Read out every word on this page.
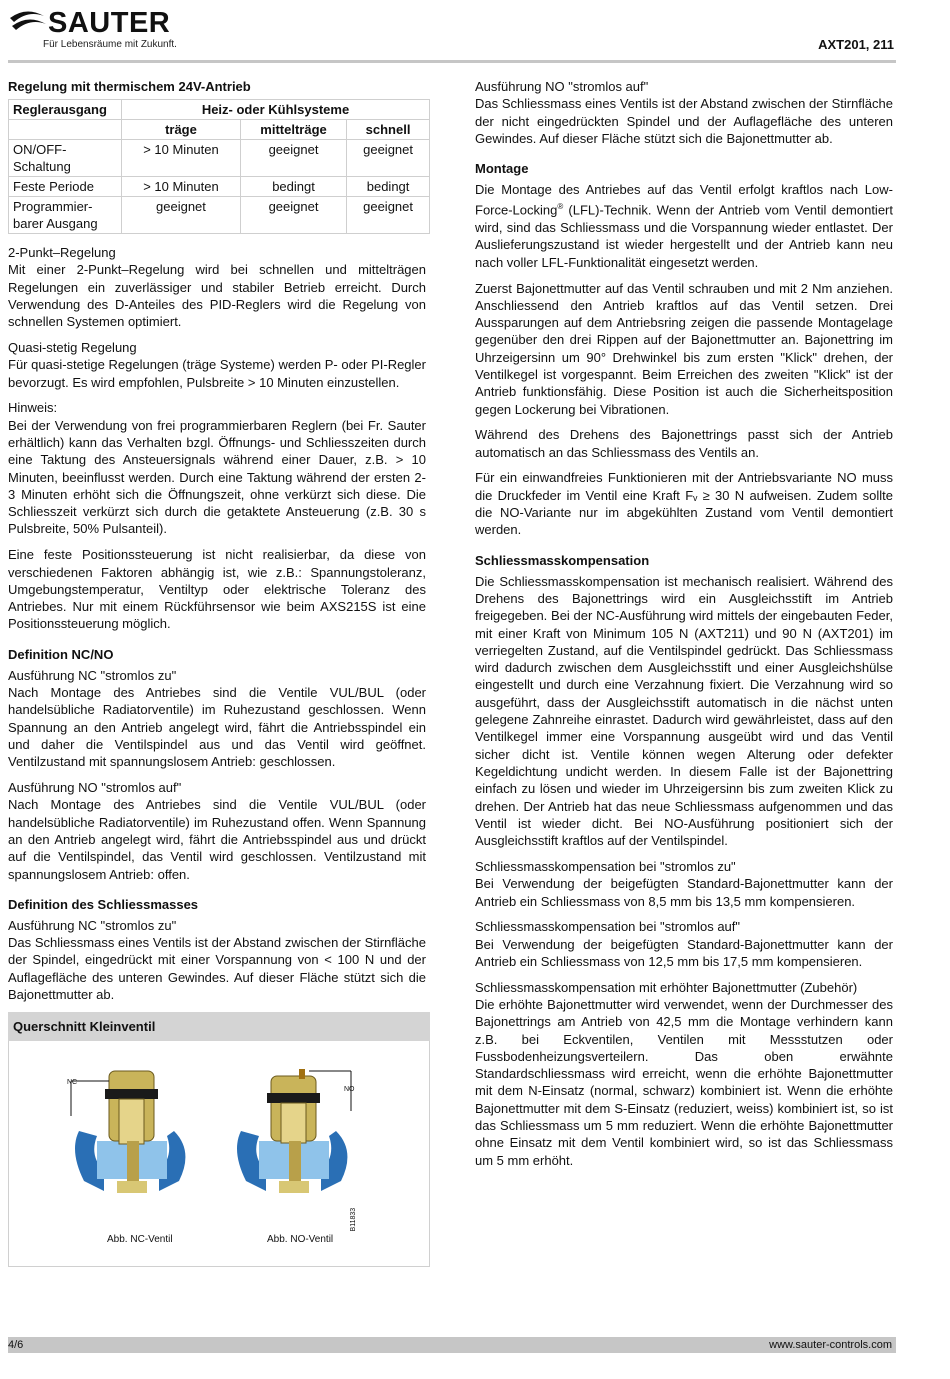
SAUTER
Für Lebensräume mit Zukunft.	AXT201, 211
Regelung mit thermischem 24V-Antrieb
Reglerausgang	Heiz- oder Kühlsysteme		
	träge	mittelträge	schnell
ON/OFF-Schaltung	> 10 Minuten	geeignet	geeignet
Feste Periode	> 10 Minuten	bedingt	bedingt
Programmier-barer Ausgang	geeignet	geeignet	geeignet

2-Punkt–Regelung
Mit einer 2-Punkt–Regelung wird bei schnellen und mittelträgen Regelungen ein zuverlässiger und stabiler Betrieb erreicht. Durch Verwendung des D-Anteiles des PID-Reglers wird die Regelung von schnellen Systemen optimiert.

Quasi-stetig Regelung
Für quasi-stetige Regelungen (träge Systeme) werden P- oder PI-Regler bevorzugt. Es wird empfohlen, Pulsbreite > 10 Minuten einzustellen.

Hinweis:
Bei der Verwendung von frei programmierbaren Reglern (bei Fr. Sauter erhältlich) kann das Verhalten bzgl. Öffnungs- und Schliesszeiten durch eine Taktung des Ansteuersignals während einer Dauer, z.B. > 10 Minuten, beeinflusst werden. Durch eine Taktung während der ersten 2-3 Minuten erhöht sich die Öffnungszeit, ohne verkürzt sich diese. Die Schliesszeit verkürzt sich durch die getaktete Ansteuerung (z.B. 30 s Pulsbreite, 50% Pulsanteil).

Eine feste Positionssteuerung ist nicht realisierbar, da diese von verschiedenen Faktoren abhängig ist, wie z.B.: Spannungstoleranz, Umgebungstemperatur, Ventiltyp oder elektrische Toleranz des Antriebes. Nur mit einem Rückführsensor wie beim AXS215S ist eine Positionssteuerung möglich.

Definition NC/NO

Ausführung NC "stromlos zu"
Nach Montage des Antriebes sind die Ventile VUL/BUL (oder handelsübliche Radiatorventile) im Ruhezustand geschlossen. Wenn Spannung an den Antrieb angelegt wird, fährt die Antriebsspindel ein und daher die Ventilspindel aus und das Ventil wird geöffnet. Ventilzustand mit spannungslosem Antrieb: geschlossen.

Ausführung NO "stromlos auf"
Nach Montage des Antriebes sind die Ventile VUL/BUL (oder handelsübliche Radiatorventile) im Ruhezustand offen. Wenn Spannung an den Antrieb angelegt wird, fährt die Antriebsspindel aus und drückt auf die Ventilspindel, das Ventil wird geschlossen. Ventilzustand mit spannungslosem Antrieb: offen.

Definition des Schliessmasses

Ausführung NC "stromlos zu"
Das Schliessmass eines Ventils ist der Abstand zwischen der Stirnfläche der Spindel, eingedrückt mit einer Vorspannung von < 100 N und der Auflagefläche des unteren Gewindes. Auf dieser Fläche stützt sich die Bajonettmutter ab.

Querschnitt Kleinventil
NC
NO
Abb. NC-Ventil	Abb. NO-Ventil
B11833

Ausführung NO "stromlos auf"
Das Schliessmass eines Ventils ist der Abstand zwischen der Stirnfläche der nicht eingedrückten Spindel und der Auflagefläche des unteren Gewindes. Auf dieser Fläche stützt sich die Bajonettmutter ab.

Montage

Die Montage des Antriebes auf das Ventil erfolgt kraftlos nach Low-Force-Locking® (LFL)-Technik. Wenn der Antrieb vom Ventil demontiert wird, sind das Schliessmass und die Vorspannung wieder entlastet. Der Auslieferungszustand ist wieder hergestellt und der Antrieb kann neu nach voller LFL-Funktionalität eingesetzt werden.

Zuerst Bajonettmutter auf das Ventil schrauben und mit 2 Nm anziehen. Anschliessend den Antrieb kraftlos auf das Ventil setzen. Drei Aussparungen auf dem Antriebsring zeigen die passende Montagelage gegenüber den drei Rippen auf der Bajonettmutter an. Bajonettring im Uhrzeigersinn um 90° Drehwinkel bis zum ersten "Klick" drehen, der Ventilkegel ist vorgespannt. Beim Erreichen des zweiten "Klick" ist der Antrieb funktionsfähig. Diese Position ist auch die Sicherheitsposition gegen Lockerung bei Vibrationen.

Während des Drehens des Bajonettrings passt sich der Antrieb automatisch an das Schliessmass des Ventils an.

Für ein einwandfreies Funktionieren mit der Antriebsvariante NO muss die Druckfeder im Ventil eine Kraft Fᵥ ≥ 30 N aufweisen. Zudem sollte die NO-Variante nur im abgekühlten Zustand vom Ventil demontiert werden.

Schliessmasskompensation

Die Schliessmasskompensation ist mechanisch realisiert. Während des Drehens des Bajonettrings wird ein Ausgleichsstift im Antrieb freigegeben. Bei der NC-Ausführung wird mittels der eingebauten Feder, mit einer Kraft von Minimum 105 N (AXT211) und 90 N (AXT201) im verriegelten Zustand, auf die Ventilspindel gedrückt. Das Schliessmass wird dadurch zwischen dem Ausgleichsstift und einer Ausgleichshülse eingestellt und durch eine Verzahnung fixiert. Die Verzahnung wird so ausgeführt, dass der Ausgleichsstift automatisch in die nächst unten gelegene Zahnreihe einrastet. Dadurch wird gewährleistet, dass auf den Ventilkegel immer eine Vorspannung ausgeübt wird und das Ventil sicher dicht ist. Ventile können wegen Alterung oder defekter Kegeldichtung undicht werden. In diesem Falle ist der Bajonettring einfach zu lösen und wieder im Uhrzeigersinn bis zum zweiten Klick zu drehen. Der Antrieb hat das neue Schliessmass aufgenommen und das Ventil ist wieder dicht. Bei NO-Ausführung positioniert sich der Ausgleichsstift kraftlos auf der Ventilspindel.

Schliessmasskompensation bei "stromlos zu"
Bei Verwendung der beigefügten Standard-Bajonettmutter kann der Antrieb ein Schliessmass von 8,5 mm bis 13,5 mm kompensieren.

Schliessmasskompensation bei "stromlos auf"
Bei Verwendung der beigefügten Standard-Bajonettmutter kann der Antrieb ein Schliessmass von 12,5 mm bis 17,5 mm kompensieren.

Schliessmasskompensation mit erhöhter Bajonettmutter (Zubehör)
Die erhöhte Bajonettmutter wird verwendet, wenn der Durchmesser des Bajonettrings am Antrieb von 42,5 mm die Montage verhindern kann z.B. bei Eckventilen, Ventilen mit Messstutzen oder Fussbodenheizungsverteilern. Das oben erwähnte Standardschliessmass wird erreicht, wenn die erhöhte Bajonettmutter mit dem N-Einsatz (normal, schwarz) kombiniert ist. Wenn die erhöhte Bajonettmutter mit dem S-Einsatz (reduziert, weiss) kombiniert ist, so ist das Schliessmass um 5 mm reduziert. Wenn die erhöhte Bajonettmutter ohne Einsatz mit dem Ventil kombiniert wird, so ist das Schliessmass um 5 mm erhöht.

4/6	www.sauter-controls.com
